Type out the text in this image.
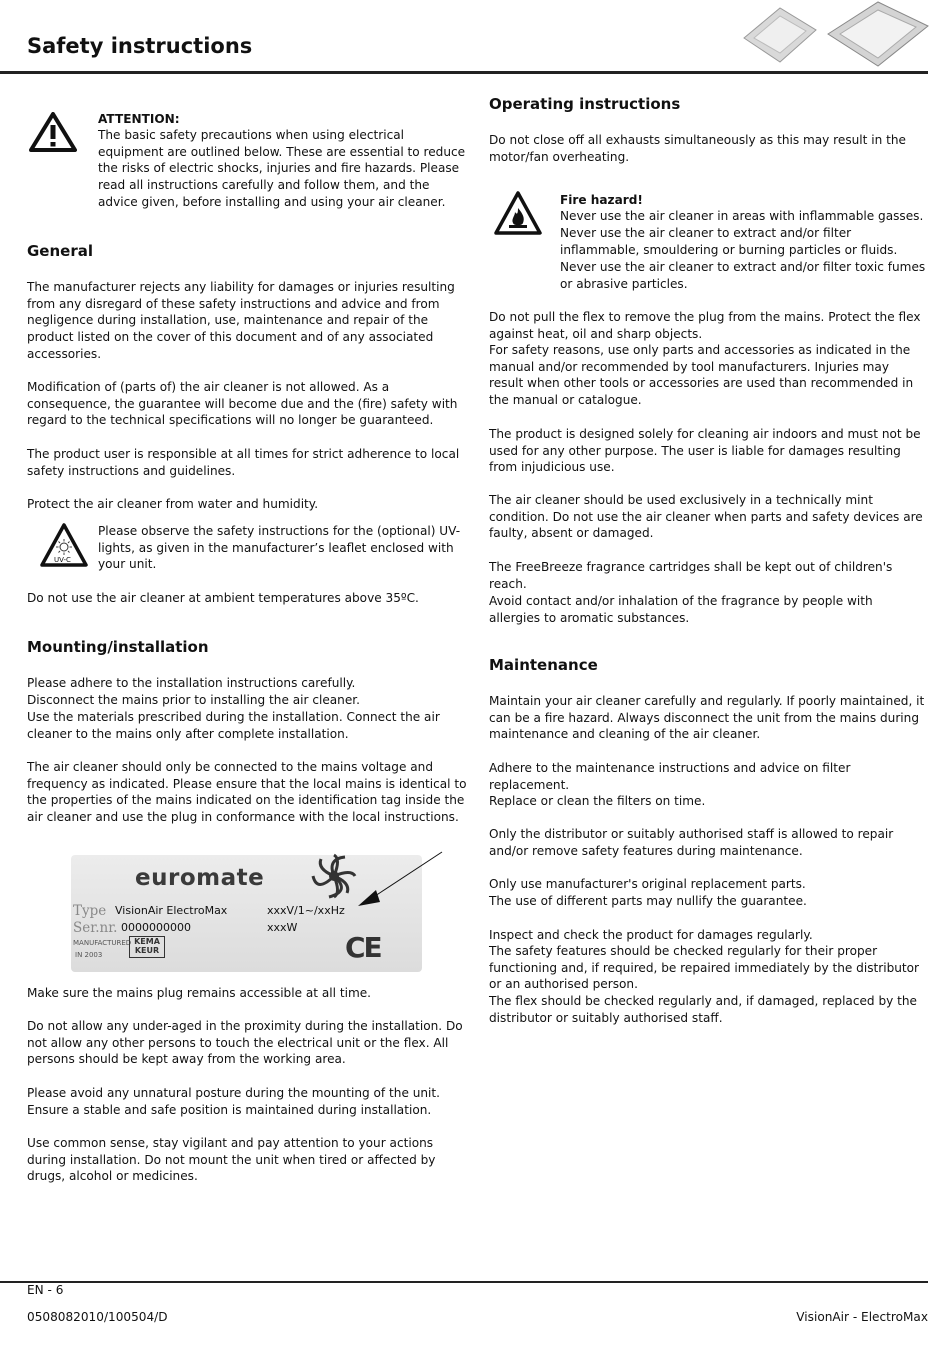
Safety instructions

ATTENTION:

The basic safety precautions when using electrical equipment are outlined below. These are essential to reduce the risks of electric shocks, injuries and fire hazards. Please read all instructions carefully and follow them, and the advice given, before installing and using your air cleaner.

General

The manufacturer rejects any liability for damages or injuries resulting from any disregard of these safety instructions and advice and from negligence during installation, use, maintenance and repair of the product listed on the cover of this document and of any associated accessories.

Modification of (parts of) the air cleaner is not allowed. As a consequence, the guarantee will become due and the (fire) safety with regard to the technical specifications will no longer be guaranteed.

The product user is responsible at all times for strict adherence to local safety instructions and guidelines.

Protect the air cleaner from water and humidity.

UV-C

Please observe the safety instructions for the (optional) UV-lights, as given in the manufacturer’s leaflet enclosed with your unit.

Do not use the air cleaner at ambient temperatures above 35ºC.

Mounting/installation

Please adhere to the installation instructions carefully.

Disconnect the mains prior to installing the air cleaner.

Use the materials prescribed during the installation. Connect the air cleaner to the mains only after complete installation.

The air cleaner should only be connected to the mains voltage and frequency as indicated. Please ensure that the local mains is identical to the properties of the mains indicated on the identification tag inside the air cleaner and use the plug in conformance with the local instructions.

euromate
Type VisionAir ElectroMax	xxxV/1~/xxHz
Ser.nr. 0000000000	xxxW
MANUFACTURED
IN 2003
KEMA KEUR	CE

Make sure the mains plug remains accessible at all time.

Do not allow any under-aged in the proximity during the installation. Do not allow any other persons to touch the electrical unit or the flex. All persons should be kept away from the working area.

Please avoid any unnatural posture during the mounting of the unit. Ensure a stable and safe position is maintained during installation.

Use common sense, stay vigilant and pay attention to your actions during installation. Do not mount the unit when tired or affected by drugs, alcohol or medicines.

Operating instructions

Do not close off all exhausts simultaneously as this may result in the motor/fan overheating.

Fire hazard!

Never use the air cleaner in areas with inflammable gasses.

Never use the air cleaner to extract and/or filter inflammable, smouldering or burning particles or fluids.

Never use the air cleaner to extract and/or filter toxic fumes or abrasive particles.

Do not pull the flex to remove the plug from the mains. Protect the flex against heat, oil and sharp objects.

For safety reasons, use only parts and accessories as indicated in the manual and/or recommended by tool manufacturers. Injuries may result when other tools or accessories are used than recommended in the manual or catalogue.

The product is designed solely for cleaning air indoors and must not be used for any other purpose. The user is liable for damages resulting from injudicious use.

The air cleaner should be used exclusively in a technically mint condition. Do not use the air cleaner when parts and safety devices are faulty, absent or damaged.

The FreeBreeze fragrance cartridges shall be kept out of children's reach.

Avoid contact and/or inhalation of the fragrance by people with allergies to aromatic substances.

Maintenance

Maintain your air cleaner carefully and regularly. If poorly maintained, it can be a fire hazard. Always disconnect the unit from the mains during maintenance and cleaning of the air cleaner.

Adhere to the maintenance instructions and advice on filter replacement.

Replace or clean the filters on time.

Only the distributor or suitably authorised staff is allowed to repair and/or remove safety features during maintenance.

Only use manufacturer's original replacement parts.

The use of different parts may nullify the guarantee.

Inspect and check the product for damages regularly.

The safety features should be checked regularly for their proper functioning and, if required, be repaired immediately by the distributor or an authorised person.

The flex should be checked regularly and, if damaged, replaced by the distributor or suitably authorised staff.

EN - 6
0508082010/100504/D	VisionAir - ElectroMax
